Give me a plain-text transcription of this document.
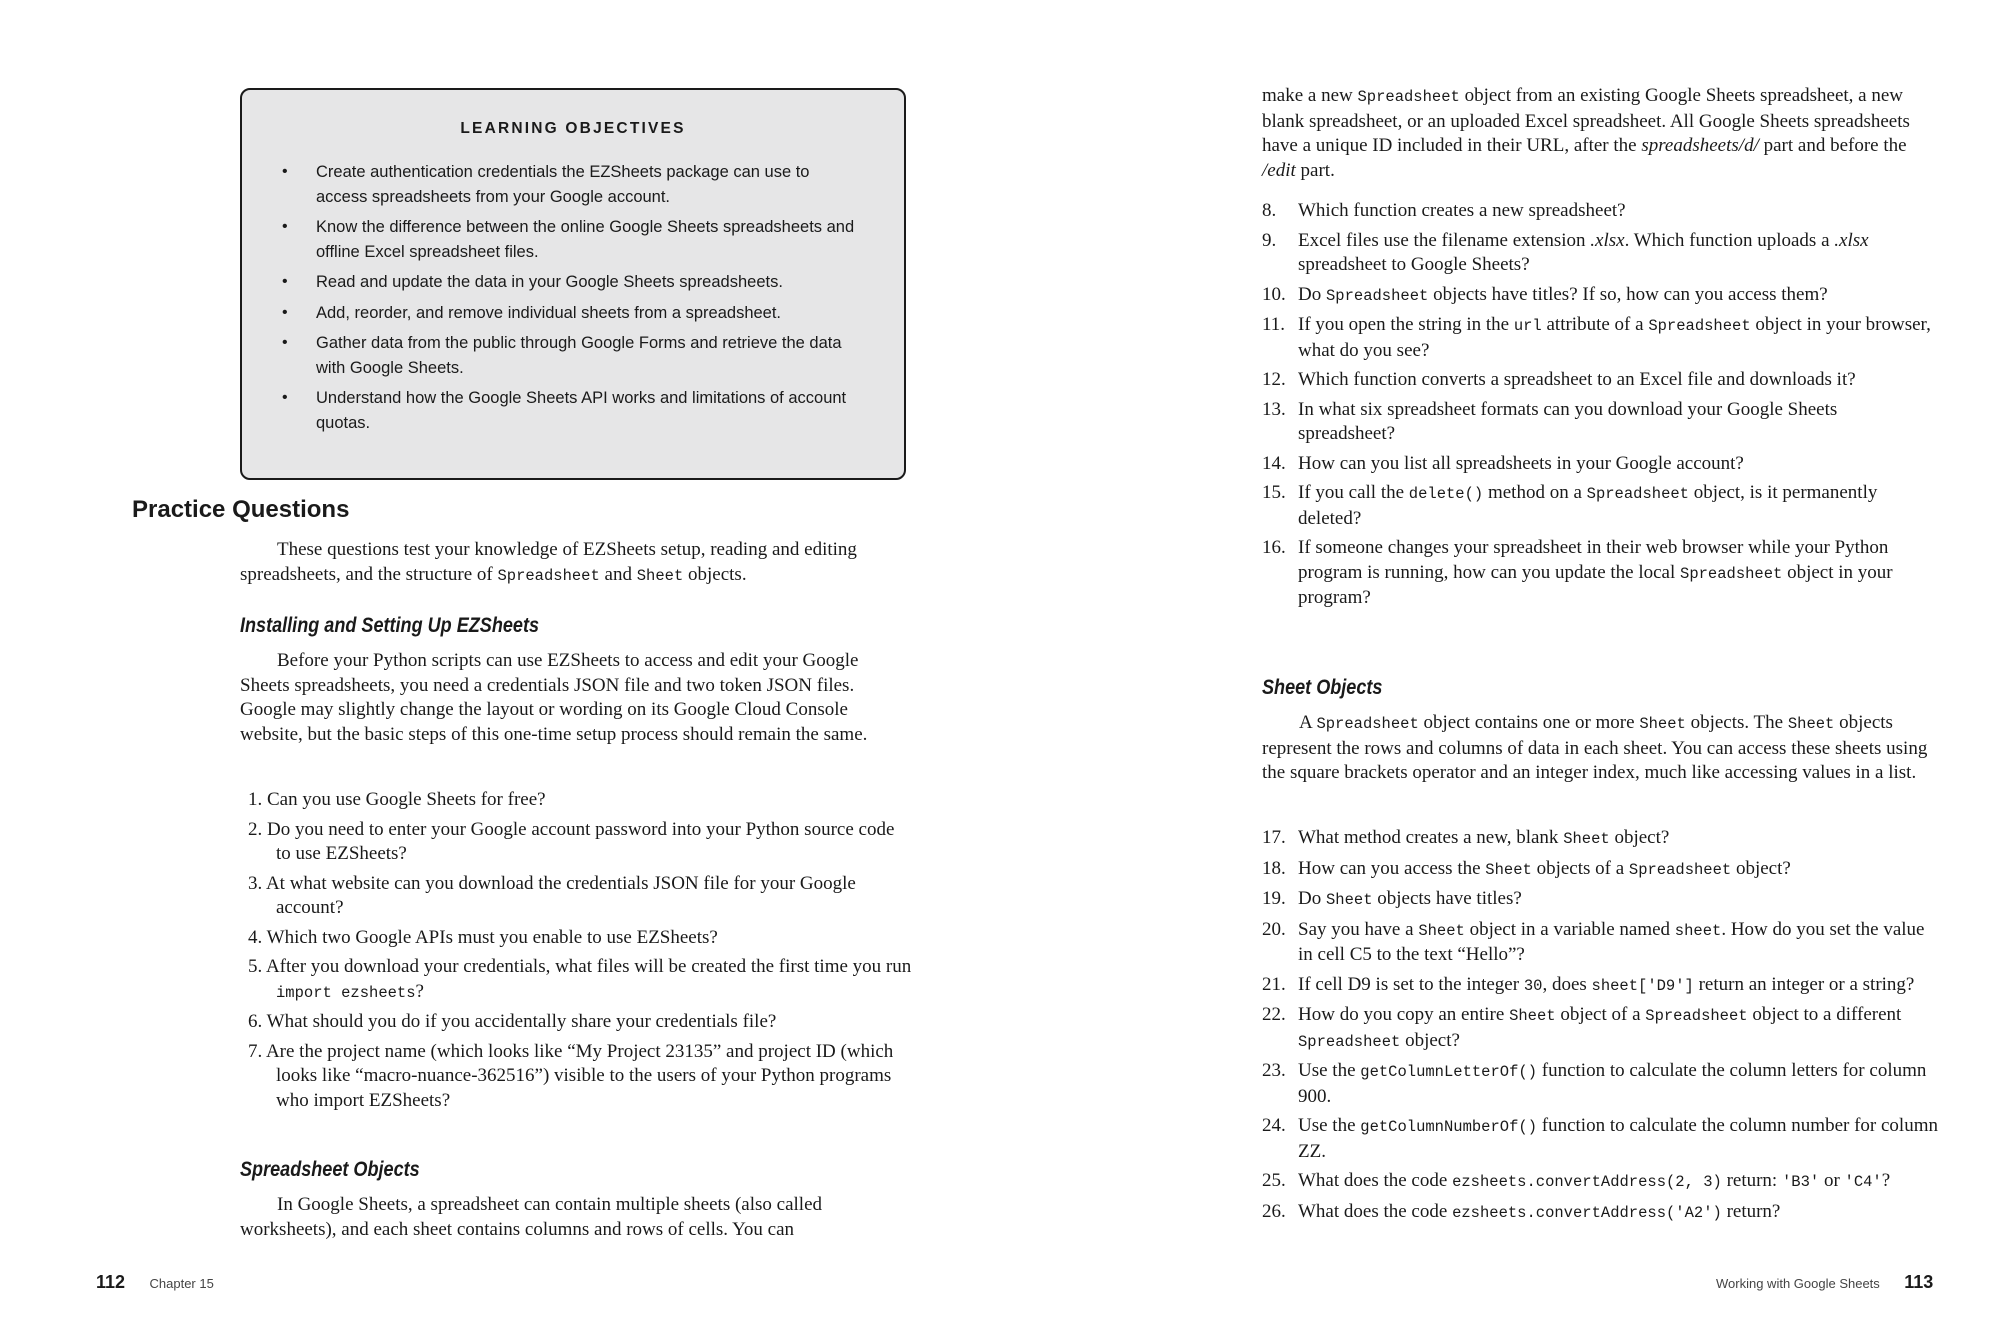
LEARNING OBJECTIVES
• Create authentication credentials the EZSheets package can use to access spreadsheets from your Google account.
• Know the difference between the online Google Sheets spreadsheets and offline Excel spreadsheet files.
• Read and update the data in your Google Sheets spreadsheets.
• Add, reorder, and remove individual sheets from a spreadsheet.
• Gather data from the public through Google Forms and retrieve the data with Google Sheets.
• Understand how the Google Sheets API works and limitations of account quotas.
Practice Questions

These questions test your knowledge of EZSheets setup, reading and editing spreadsheets, and the structure of Spreadsheet and Sheet objects.

Installing and Setting Up EZSheets

Before your Python scripts can use EZSheets to access and edit your Google Sheets spreadsheets, you need a credentials JSON file and two token JSON files. Google may slightly change the layout or wording on its Google Cloud Console website, but the basic steps of this one-time setup process should remain the same.

1. Can you use Google Sheets for free?
2. Do you need to enter your Google account password into your Python source code to use EZSheets?
3. At what website can you download the credentials JSON file for your Google account?
4. Which two Google APIs must you enable to use EZSheets?
5. After you download your credentials, what files will be created the first time you run import ezsheets?
6. What should you do if you accidentally share your credentials file?
7. Are the project name (which looks like “My Project 23135” and project ID (which looks like “macro-nuance-362516”) visible to the users of your Python programs who import EZSheets?
Spreadsheet Objects

In Google Sheets, a spreadsheet can contain multiple sheets (also called worksheets), and each sheet contains columns and rows of cells. You can

112 Chapter 15

make a new Spreadsheet object from an existing Google Sheets spreadsheet, a new blank spreadsheet, or an uploaded Excel spreadsheet. All Google Sheets spreadsheets have a unique ID included in their URL, after the spreadsheets/d/ part and before the /edit part.

8. Which function creates a new spreadsheet?
9. Excel files use the filename extension .xlsx. Which function uploads a .xlsx spreadsheet to Google Sheets?
10. Do Spreadsheet objects have titles? If so, how can you access them?
11. If you open the string in the url attribute of a Spreadsheet object in your browser, what do you see?
12. Which function converts a spreadsheet to an Excel file and downloads it?
13. In what six spreadsheet formats can you download your Google Sheets spreadsheet?
14. How can you list all spreadsheets in your Google account?
15. If you call the delete() method on a Spreadsheet object, is it permanently deleted?
16. If someone changes your spreadsheet in their web browser while your Python program is running, how can you update the local Spreadsheet object in your program?
Sheet Objects

A Spreadsheet object contains one or more Sheet objects. The Sheet objects represent the rows and columns of data in each sheet. You can access these sheets using the square brackets operator and an integer index, much like accessing values in a list.

17. What method creates a new, blank Sheet object?
18. How can you access the Sheet objects of a Spreadsheet object?
19. Do Sheet objects have titles?
20. Say you have a Sheet object in a variable named sheet. How do you set the value in cell C5 to the text “Hello”?
21. If cell D9 is set to the integer 30, does sheet['D9'] return an integer or a string?
22. How do you copy an entire Sheet object of a Spreadsheet object to a different Spreadsheet object?
23. Use the getColumnLetterOf() function to calculate the column letters for column 900.
24. Use the getColumnNumberOf() function to calculate the column number for column ZZ.
25. What does the code ezsheets.convertAddress(2, 3) return: 'B3' or 'C4'?
26. What does the code ezsheets.convertAddress('A2') return?
Working with Google Sheets 113
